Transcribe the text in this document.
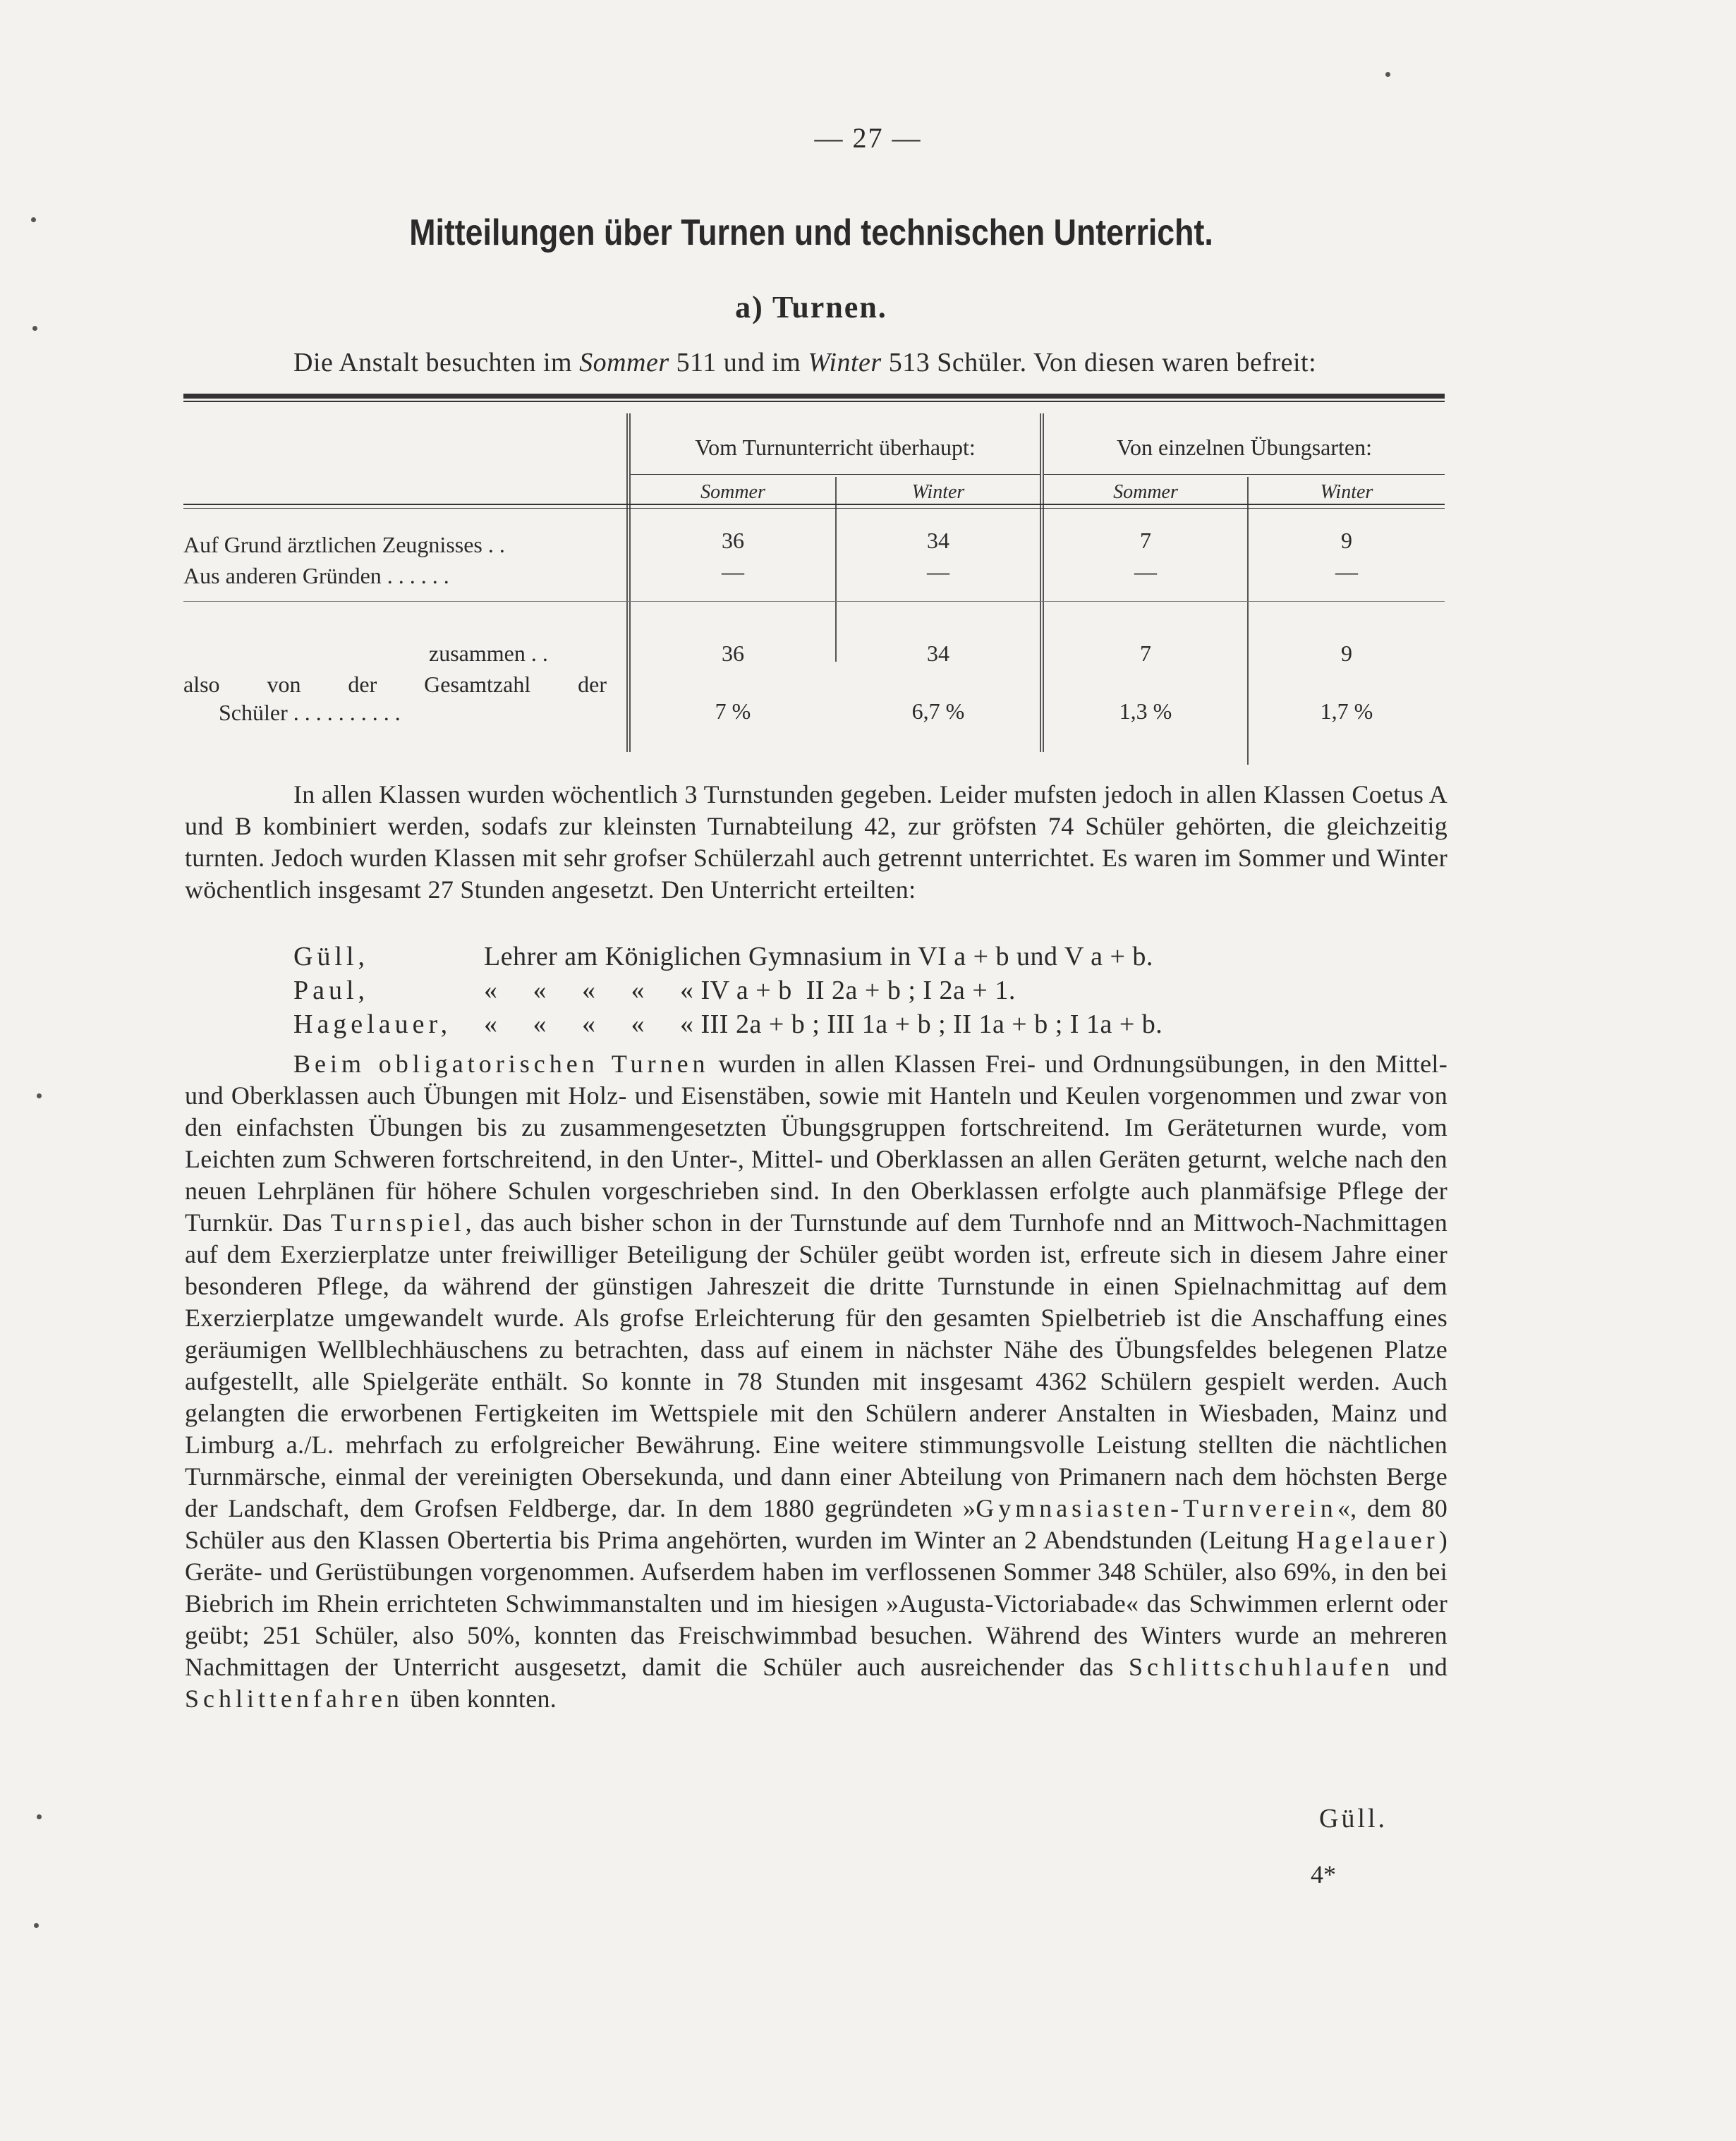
— 27 —
Mitteilungen über Turnen und technischen Unterricht.
a) Turnen.
Die Anstalt besuchten im Sommer 511 und im Winter 513 Schüler. Von diesen waren befreit:
Vom Turnunterricht überhaupt:	Von einzelnen Übungsarten:
Sommer	Winter	Sommer	Winter
Auf Grund ärztlichen Zeugnisses . .	36	34	7	9
Aus anderen Gründen . . . . . .	—	—	—	—
zusammen . .	36	34	7	9
also von der Gesamtzahl der
Schüler . . . . . . . . . .	7 %	6,7 %	1,3 %	1,7 %
In allen Klassen wurden wöchentlich 3 Turnstunden gegeben. Leider mufsten jedoch in allen Klassen Coetus A und B kombiniert werden, sodafs zur kleinsten Turnabteilung 42, zur gröfsten 74 Schüler gehörten, die gleichzeitig turnten. Jedoch wurden Klassen mit sehr grofser Schülerzahl auch getrennt unterrichtet. Es waren im Sommer und Winter wöchentlich insgesamt 27 Stunden angesetzt. Den Unterricht erteilten:
Güll,	Lehrer am Königlichen Gymnasium in VI a + b und V a + b.
Paul,	«     «     «     «     « IV a + b  II 2a + b ; I 2a + 1.
Hagelauer, «     «     «     «     « III 2a + b ; III 1a + b ; II 1a + b ; I 1a + b.
Beim obligatorischen Turnen wurden in allen Klassen Frei- und Ordnungsübungen, in den Mittel- und Oberklassen auch Übungen mit Holz- und Eisenstäben, sowie mit Hanteln und Keulen vorgenommen und zwar von den einfachsten Übungen bis zu zusammengesetzten Übungsgruppen fortschreitend. Im Geräteturnen wurde, vom Leichten zum Schweren fortschreitend, in den Unter-, Mittel- und Oberklassen an allen Geräten geturnt, welche nach den neuen Lehrplänen für höhere Schulen vorgeschrieben sind. In den Oberklassen erfolgte auch planmäfsige Pflege der Turnkür. Das Turnspiel, das auch bisher schon in der Turnstunde auf dem Turnhofe nnd an Mittwoch-Nachmittagen auf dem Exerzierplatze unter freiwilliger Beteiligung der Schüler geübt worden ist, erfreute sich in diesem Jahre einer besonderen Pflege, da während der günstigen Jahreszeit die dritte Turnstunde in einen Spielnachmittag auf dem Exerzierplatze umgewandelt wurde. Als grofse Erleichterung für den gesamten Spielbetrieb ist die Anschaffung eines geräumigen Wellblechhäuschens zu betrachten, dass auf einem in nächster Nähe des Übungsfeldes belegenen Platze aufgestellt, alle Spielgeräte enthält. So konnte in 78 Stunden mit insgesamt 4362 Schülern gespielt werden. Auch gelangten die erworbenen Fertigkeiten im Wettspiele mit den Schülern anderer Anstalten in Wiesbaden, Mainz und Limburg a./L. mehrfach zu erfolgreicher Bewährung. Eine weitere stimmungsvolle Leistung stellten die nächtlichen Turnmärsche, einmal der vereinigten Obersekunda, und dann einer Abteilung von Primanern nach dem höchsten Berge der Landschaft, dem Grofsen Feldberge, dar. In dem 1880 gegründeten »Gymnasiasten-Turnverein«, dem 80 Schüler aus den Klassen Obertertia bis Prima angehörten, wurden im Winter an 2 Abendstunden (Leitung Hagelauer) Geräte- und Gerüstübungen vorgenommen. Aufserdem haben im verflossenen Sommer 348 Schüler, also 69%, in den bei Biebrich im Rhein errichteten Schwimmanstalten und im hiesigen »Augusta-Victoriabade« das Schwimmen erlernt oder geübt; 251 Schüler, also 50%, konnten das Freischwimmbad besuchen. Während des Winters wurde an mehreren Nachmittagen der Unterricht ausgesetzt, damit die Schüler auch ausreichender das Schlittschuhlaufen und Schlittenfahren üben konnten.
Güll.
4*
